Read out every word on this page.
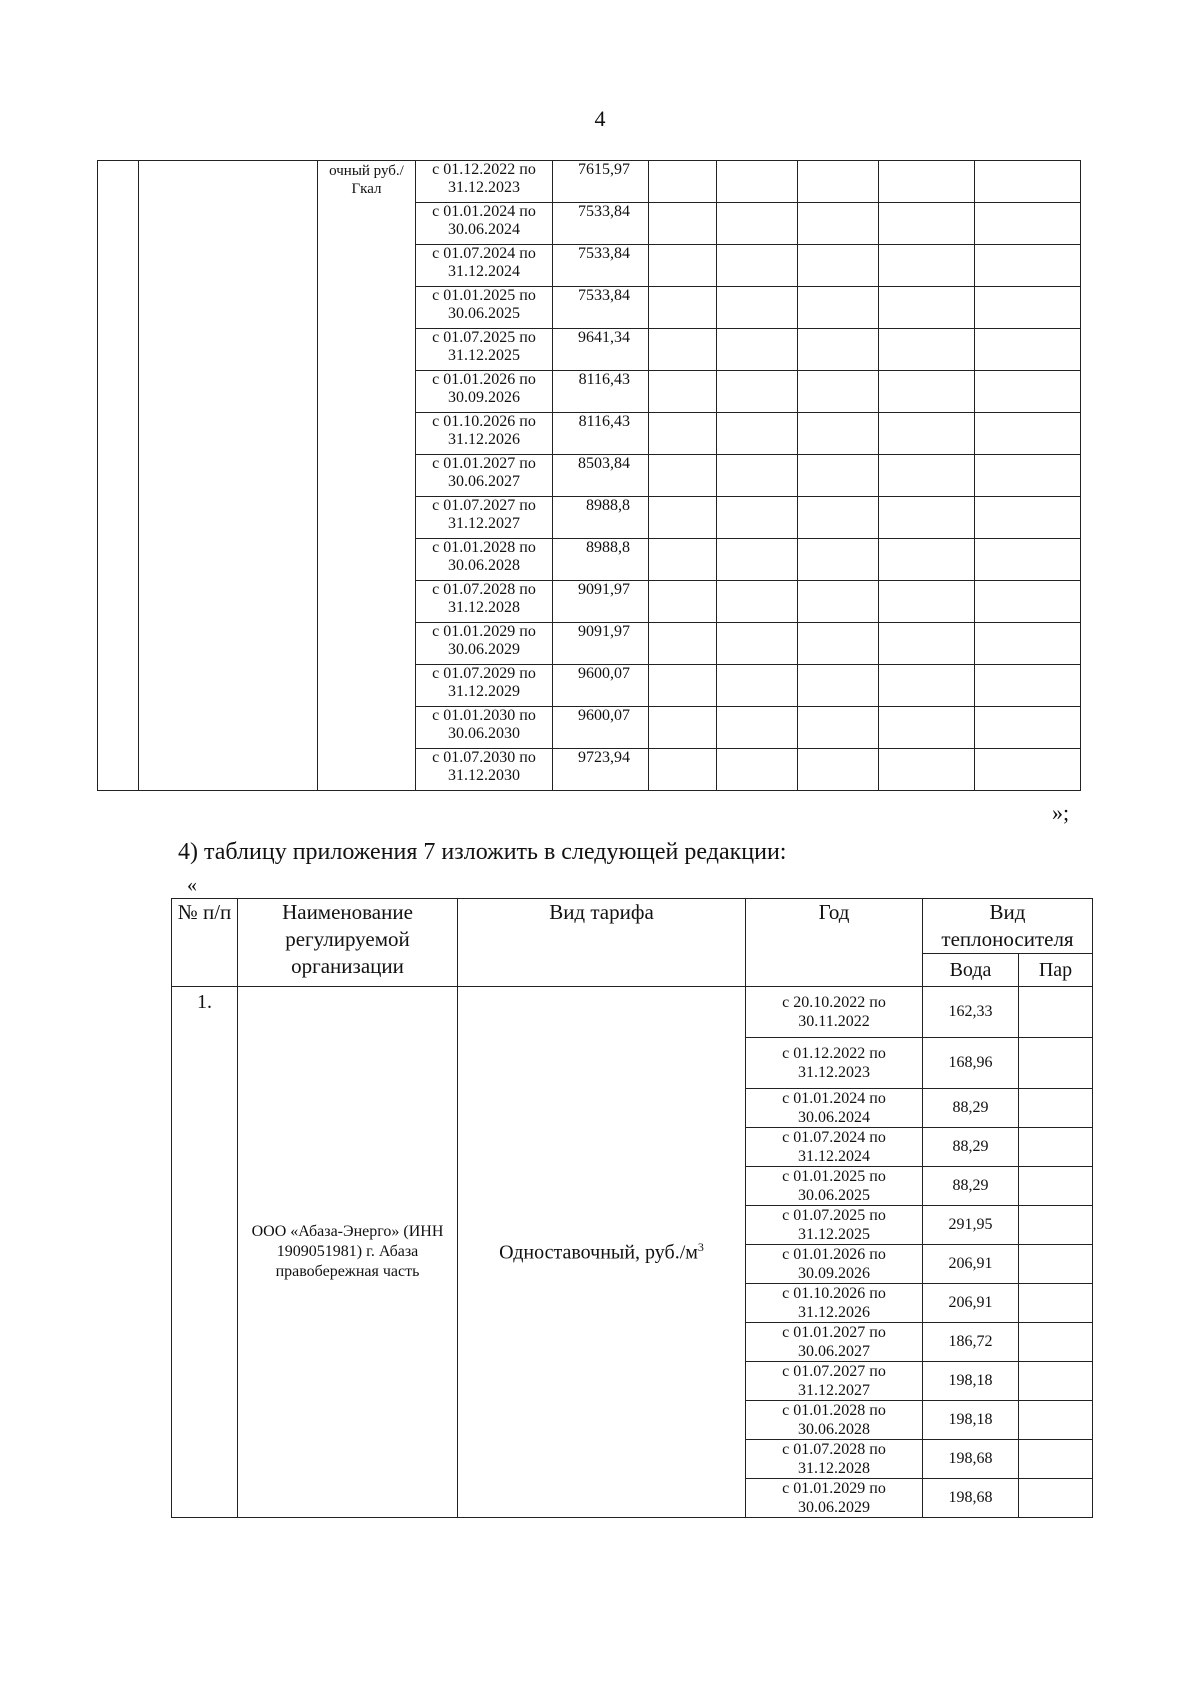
4
		очный руб./Гкал	с 01.12.2022 по 31.12.2023	7615,97					
			с 01.01.2024 по 30.06.2024	7533,84					
			с 01.07.2024 по 31.12.2024	7533,84					
			с 01.01.2025 по 30.06.2025	7533,84					
			с 01.07.2025 по 31.12.2025	9641,34					
			с 01.01.2026 по 30.09.2026	8116,43					
			с 01.10.2026 по 31.12.2026	8116,43					
			с 01.01.2027 по 30.06.2027	8503,84					
			с 01.07.2027 по 31.12.2027	8988,8					
			с 01.01.2028 по 30.06.2028	8988,8					
			с 01.07.2028 по 31.12.2028	9091,97					
			с 01.01.2029 по 30.06.2029	9091,97					
			с 01.07.2029 по 31.12.2029	9600,07					
			с 01.01.2030 по 30.06.2030	9600,07					
			с 01.07.2030 по 31.12.2030	9723,94					
»;
4) таблицу приложения 7 изложить в следующей редакции:
«
№ п/п	Наименование регулируемой организации	Вид тарифа	Год	Вид теплоносителя	
				Вода	Пар
1.	ООО «Абаза-Энерго» (ИНН 1909051981) г. Абаза правобережная часть	Одноставочный, $руб./м^3$	с 20.10.2022 по 30.11.2022	162,33	
			с 01.12.2022 по 31.12.2023	168,96	
			с 01.01.2024 по 30.06.2024	88,29	
			с 01.07.2024 по 31.12.2024	88,29	
			с 01.01.2025 по 30.06.2025	88,29	
			с 01.07.2025 по 31.12.2025	291,95	
			с 01.01.2026 по 30.09.2026	206,91	
			с 01.10.2026 по 31.12.2026	206,91	
			с 01.01.2027 по 30.06.2027	186,72	
			с 01.07.2027 по 31.12.2027	198,18	
			с 01.01.2028 по 30.06.2028	198,18	
			с 01.07.2028 по 31.12.2028	198,68	
			с 01.01.2029 по 30.06.2029	198,68	
